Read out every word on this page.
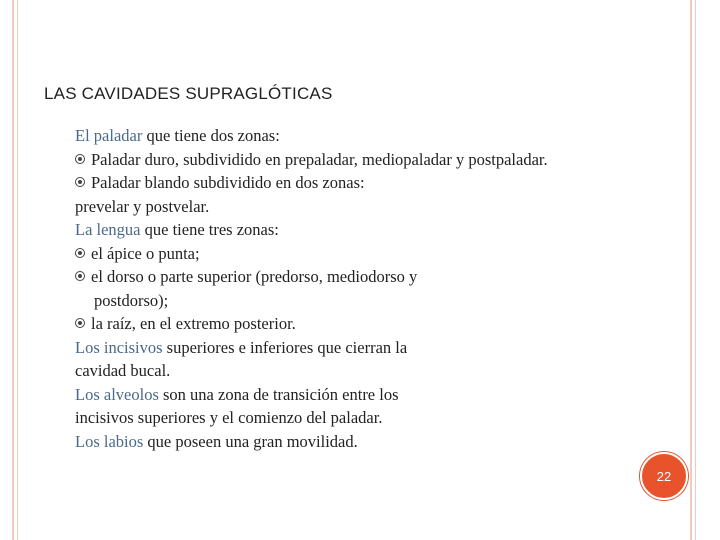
LAS CAVIDADES SUPRAGLÓTICAS
El paladar que tiene dos zonas:
Paladar duro, subdividido en prepaladar, mediopaladar y postpaladar.
Paladar blando subdividido en dos zonas:
prevelar y postvelar.
La lengua que tiene tres zonas:
el ápice o punta;
el dorso o parte superior (predorso, mediodorso y
postdorso);
la raíz, en el extremo posterior.
Los incisivos superiores e inferiores que cierran la
cavidad bucal.
Los alveolos son una zona de transición entre los
incisivos superiores y el comienzo del paladar.
Los labios que poseen una gran movilidad.
22
